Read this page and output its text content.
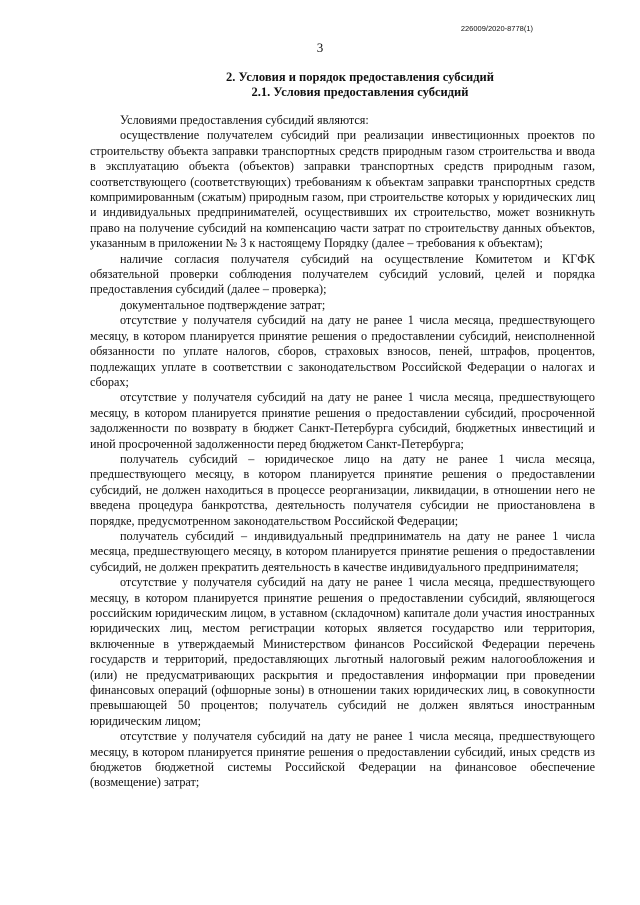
226009/2020-8778(1)
3
2. Условия и порядок предоставления субсидий
2.1. Условия предоставления субсидий

Условиями предоставления субсидий являются:

осуществление получателем субсидий при реализации инвестиционных проектов по строительству объекта заправки транспортных средств природным газом строительства и ввода в эксплуатацию объекта (объектов) заправки транспортных средств природным газом, соответствующего (соответствующих) требованиям к объектам заправки транспортных средств компримированным (сжатым) природным газом, при строительстве которых у юридических лиц и индивидуальных предпринимателей, осуществивших их строительство, может возникнуть право на получение субсидий на компенсацию части затрат по строительству данных объектов, указанным в приложении № 3 к настоящему Порядку (далее – требования к объектам);

наличие согласия получателя субсидий на осуществление Комитетом и КГФК обязательной проверки соблюдения получателем субсидий условий, целей и порядка предоставления субсидий (далее – проверка);

документальное подтверждение затрат;

отсутствие у получателя субсидий на дату не ранее 1 числа месяца, предшествующего месяцу, в котором планируется принятие решения о предоставлении субсидий, неисполненной обязанности по уплате налогов, сборов, страховых взносов, пеней, штрафов, процентов, подлежащих уплате в соответствии с законодательством Российской Федерации о налогах и сборах;

отсутствие у получателя субсидий на дату не ранее 1 числа месяца, предшествующего месяцу, в котором планируется принятие решения о предоставлении субсидий, просроченной задолженности по возврату в бюджет Санкт-Петербурга субсидий, бюджетных инвестиций и иной просроченной задолженности перед бюджетом Санкт-Петербурга;

получатель субсидий – юридическое лицо на дату не ранее 1 числа месяца, предшествующего месяцу, в котором планируется принятие решения о предоставлении субсидий, не должен находиться в процессе реорганизации, ликвидации, в отношении него не введена процедура банкротства, деятельность получателя субсидии не приостановлена в порядке, предусмотренном законодательством Российской Федерации;

получатель субсидий – индивидуальный предприниматель на дату не ранее 1 числа месяца, предшествующего месяцу, в котором планируется принятие решения о предоставлении субсидий, не должен прекратить деятельность в качестве индивидуального предпринимателя;

отсутствие у получателя субсидий на дату не ранее 1 числа месяца, предшествующего месяцу, в котором планируется принятие решения о предоставлении субсидий, являющегося российским юридическим лицом, в уставном (складочном) капитале доли участия иностранных юридических лиц, местом регистрации которых является государство или территория, включенные в утверждаемый Министерством финансов Российской Федерации перечень государств и территорий, предоставляющих льготный налоговый режим налогообложения и (или) не предусматривающих раскрытия и предоставления информации при проведении финансовых операций (офшорные зоны) в отношении таких юридических лиц, в совокупности превышающей 50 процентов; получатель субсидий не должен являться иностранным юридическим лицом;

отсутствие у получателя субсидий на дату не ранее 1 числа месяца, предшествующего месяцу, в котором планируется принятие решения о предоставлении субсидий, иных средств из бюджетов бюджетной системы Российской Федерации на финансовое обеспечение (возмещение) затрат;
